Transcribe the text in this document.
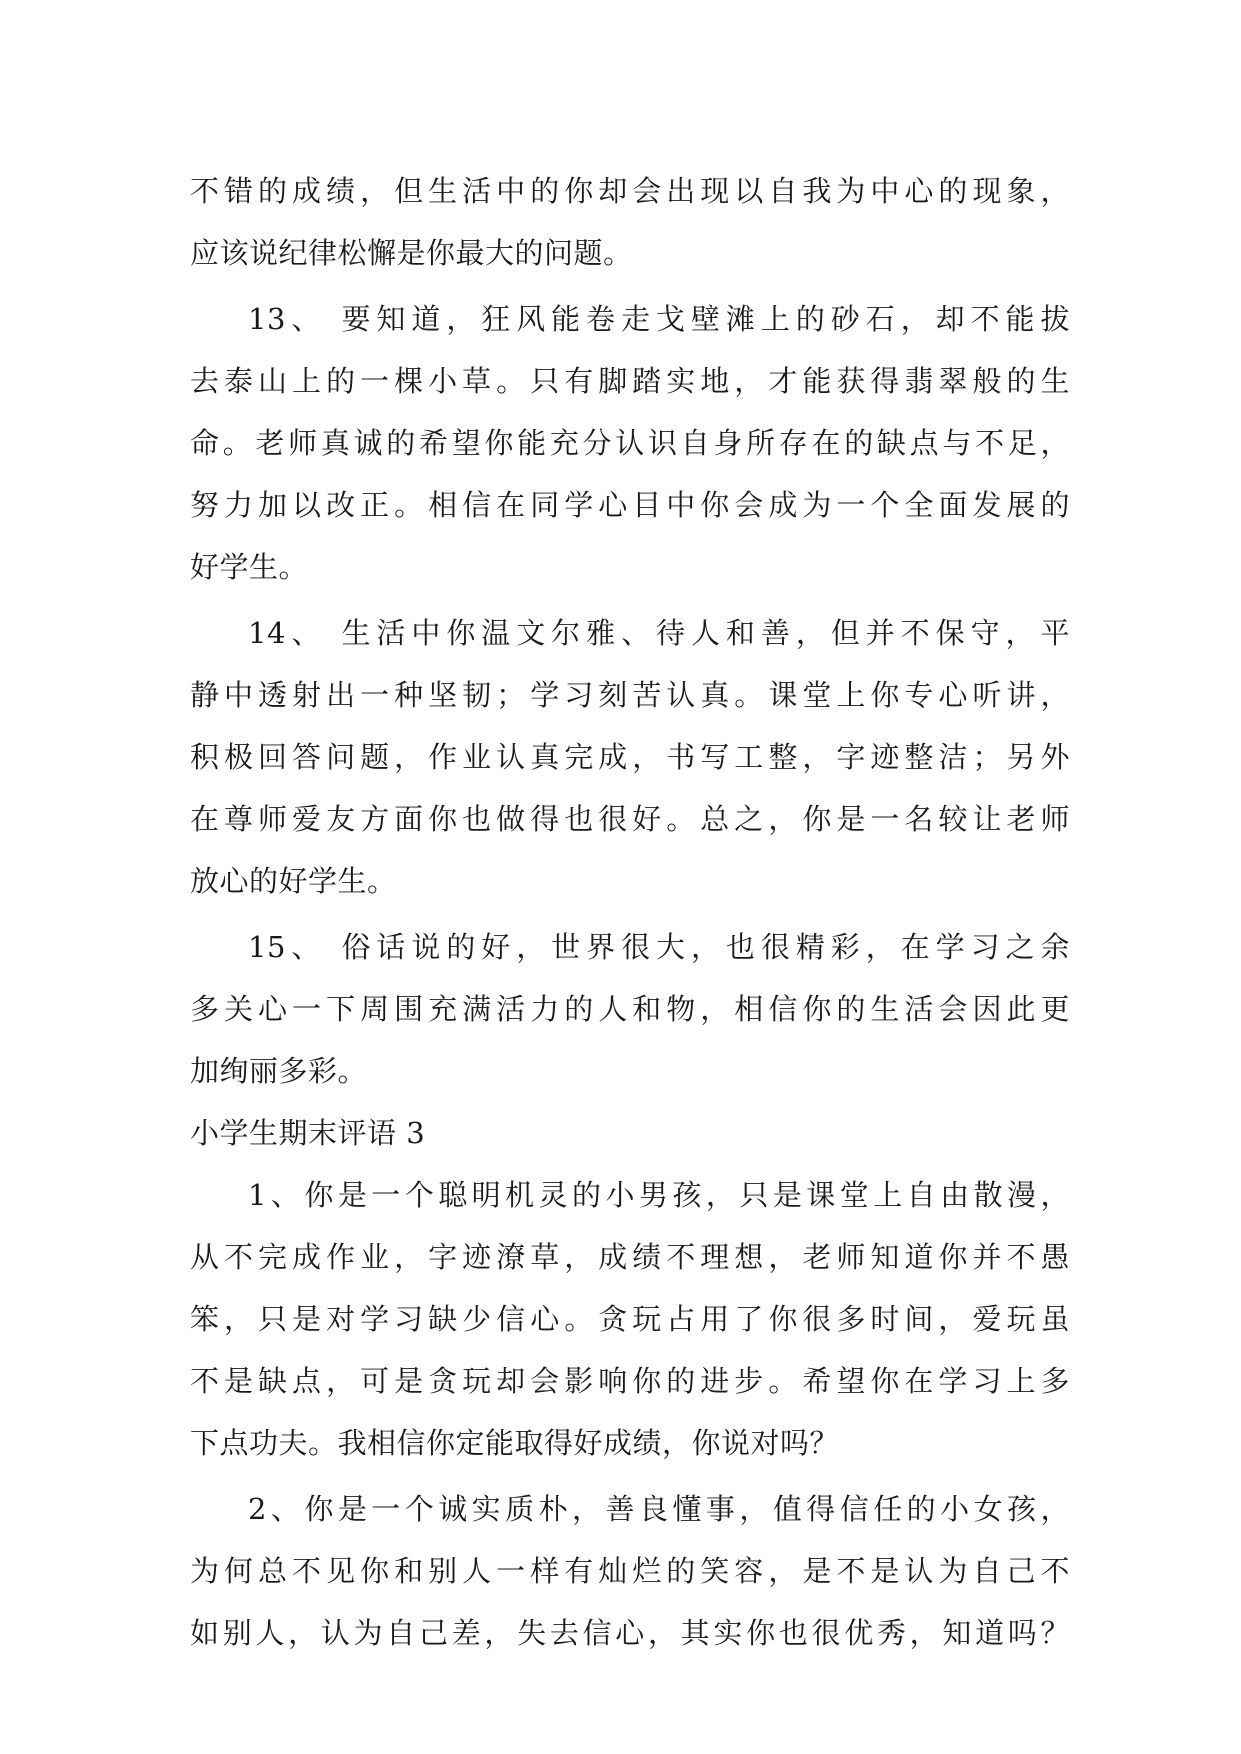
不错的成绩，但生活中的你却会出现以自我为中心的现象，
应该说纪律松懈是你最大的问题。
13、 要知道，狂风能卷走戈壁滩上的砂石，却不能拔
去泰山上的一棵小草。只有脚踏实地，才能获得翡翠般的生
命。老师真诚的希望你能充分认识自身所存在的缺点与不足，
努力加以改正。相信在同学心目中你会成为一个全面发展的
好学生。
14、 生活中你温文尔雅、待人和善，但并不保守，平
静中透射出一种坚韧；学习刻苦认真。课堂上你专心听讲，
积极回答问题，作业认真完成，书写工整，字迹整洁；另外
在尊师爱友方面你也做得也很好。总之，你是一名较让老师
放心的好学生。
15、 俗话说的好，世界很大，也很精彩，在学习之余
多关心一下周围充满活力的人和物，相信你的生活会因此更
加绚丽多彩。
小学生期末评语 3
1、你是一个聪明机灵的小男孩，只是课堂上自由散漫，
从不完成作业，字迹潦草，成绩不理想，老师知道你并不愚
笨，只是对学习缺少信心。贪玩占用了你很多时间，爱玩虽
不是缺点，可是贪玩却会影响你的进步。希望你在学习上多
下点功夫。我相信你定能取得好成绩，你说对吗？
2、你是一个诚实质朴，善良懂事，值得信任的小女孩，
为何总不见你和别人一样有灿烂的笑容，是不是认为自己不
如别人，认为自己差，失去信心，其实你也很优秀，知道吗？
